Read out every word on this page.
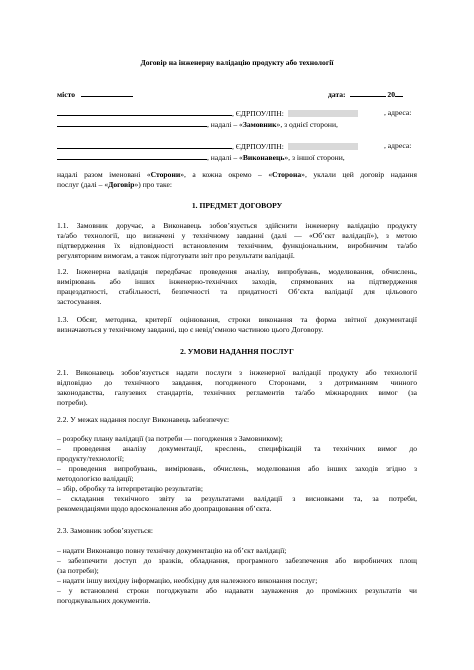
Договір на інженерну валідацію продукту або технології
місто	дата:	20
, ЄДРПОУ/ІПН:	, адреса:
, надалі – «Замовник», з однієї сторони,
, ЄДРПОУ/ІПН:	, адреса:
, надалі – «Виконавець», з іншої сторони,
надалі разом іменовані «Сторони», а кожна окремо – «Сторона», уклали цей договір надання
послуг (далі – «Договір») про таке:
1. ПРЕДМЕТ ДОГОВОРУ
1.1. Замовник доручає, а Виконавець зобов’язується здійснити інженерну валідацію продукту
та/або технології, що визначені у технічному завданні (далі — «Об’єкт валідації»), з метою
підтвердження їх відповідності встановленим технічним, функціональним, виробничим та/або
регуляторним вимогам, а також підготувати звіт про результати валідації.
1.2. Інженерна валідація передбачає проведення аналізу, випробувань, моделювання, обчислень,
вимірювань або інших інженерно-технічних заходів, спрямованих на підтвердження
працездатності, стабільності, безпечності та придатності Об’єкта валідації для цільового
застосування.
1.3. Обсяг, методика, критерії оцінювання, строки виконання та форма звітної документації
визначаються у технічному завданні, що є невід’ємною частиною цього Договору.
2. УМОВИ НАДАННЯ ПОСЛУГ
2.1. Виконавець зобов’язується надати послуги з інженерної валідації продукту або технології
відповідно до технічного завдання, погодженого Сторонами, з дотриманням чинного
законодавства, галузевих стандартів, технічних регламентів та/або міжнародних вимог (за
потреби).
2.2. У межах надання послуг Виконавець забезпечує:
– розробку плану валідації (за потреби — погодження з Замовником);
– проведення аналізу документації, креслень, специфікацій та технічних вимог до
продукту/технології;
– проведення випробувань, вимірювань, обчислень, моделювання або інших заходів згідно з
методологією валідації;
– збір, обробку та інтерпретацію результатів;
– складання технічного звіту за результатами валідації з висновками та, за потреби,
рекомендаціями щодо вдосконалення або доопрацювання об’єкта.
2.3. Замовник зобов’язується:
– надати Виконавцю повну технічну документацію на об’єкт валідації;
– забезпечити доступ до зразків, обладнання, програмного забезпечення або виробничих площ
(за потреби);
– надати іншу вихідну інформацію, необхідну для належного виконання послуг;
– у встановлені строки погоджувати або надавати зауваження до проміжних результатів чи
погоджувальних документів.
